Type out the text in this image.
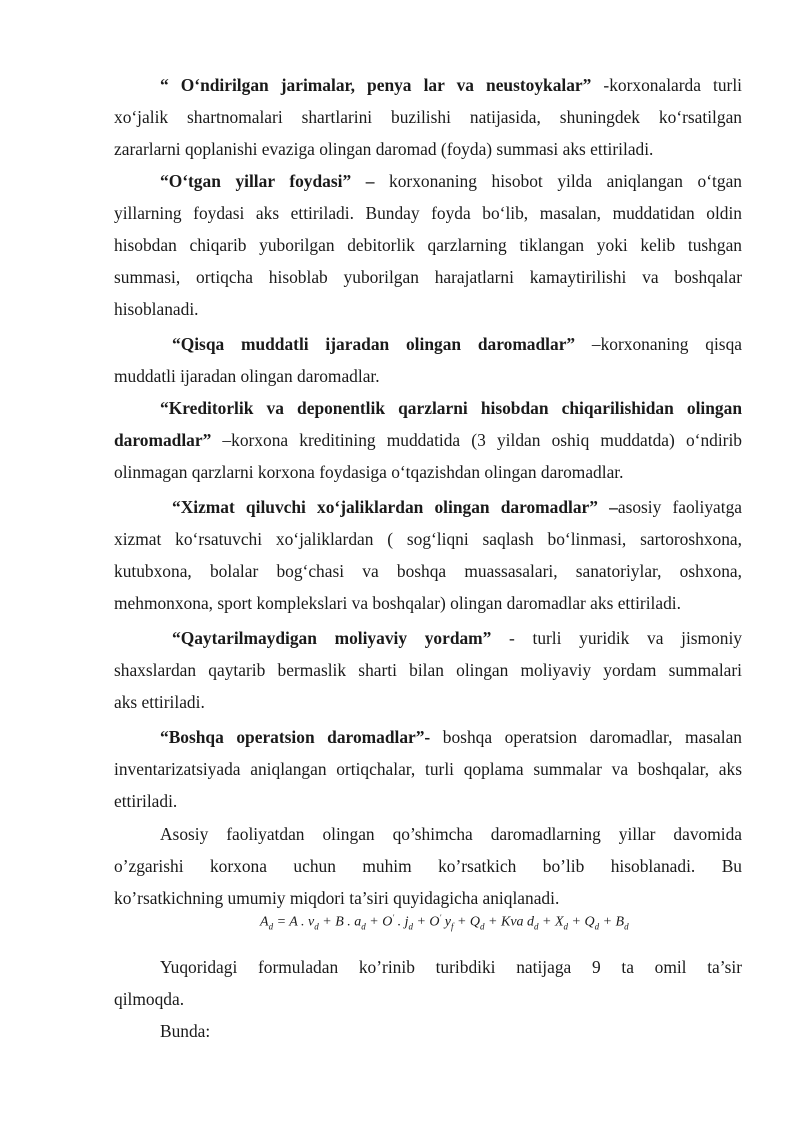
“ O‘ndirilgan jarimalar, penya lar va neustoykalar” -korxonalarda turli
xo‘jalik shartnomalari shartlarini buzilishi natijasida, shuningdek ko‘rsatilgan
zararlarni qoplanishi evaziga olingan daromad (foyda) summasi aks ettiriladi.
“O‘tgan yillar foydasi” – korxonaning hisobot yilda aniqlangan o‘tgan
yillarning foydasi aks ettiriladi. Bunday foyda bo‘lib, masalan, muddatidan oldin
hisobdan chiqarib yuborilgan debitorlik qarzlarning tiklangan yoki kelib tushgan
summasi, ortiqcha hisoblab yuborilgan harajatlarni kamaytirilishi va boshqalar
hisoblanadi.
“Qisqa muddatli ijaradan olingan daromadlar” –korxonaning qisqa
muddatli ijaradan olingan daromadlar.
“Kreditorlik va deponentlik qarzlarni hisobdan chiqarilishidan olingan
daromadlar” –korxona kreditining muddatida (3 yildan oshiq muddatda) o‘ndirib
olinmagan qarzlarni korxona foydasiga o‘tqazishdan olingan daromadlar.
“Xizmat qiluvchi xo‘jaliklardan olingan daromadlar” –asosiy faoliyatga
xizmat ko‘rsatuvchi xo‘jaliklardan ( sog‘liqni saqlash bo‘linmasi, sartoroshxona,
kutubxona, bolalar bog‘chasi va boshqa muassasalari, sanatoriylar, oshxona,
mehmonxona, sport komplekslari va boshqalar) olingan daromadlar aks ettiriladi.
“Qaytarilmaydigan moliyaviy yordam” - turli yuridik va jismoniy
shaxslardan qaytarib bermaslik sharti bilan olingan moliyaviy yordam summalari
aks ettiriladi.
“Boshqa operatsion daromadlar”- boshqa operatsion daromadlar, masalan
inventarizatsiyada aniqlangan ortiqchalar, turli qoplama summalar va boshqalar, aks
ettiriladi.
Asosiy faoliyatdan olingan qo’shimcha daromadlarning yillar davomida
o’zgarishi korxona uchun muhim ko’rsatkich bo’lib hisoblanadi. Bu
ko’rsatkichning umumiy miqdori ta’siri quyidagicha aniqlanadi.
$A_d = A$ . $v_d + B$ . $a_d + O'$ . $j_d + O'$ $y_f + Q_d$ + Kva $d_d + X_d + Q_d + B_d$
Yuqoridagi formuladan ko’rinib turibdiki natijaga 9 ta omil ta’sir
qilmoqda.
Bunda:
